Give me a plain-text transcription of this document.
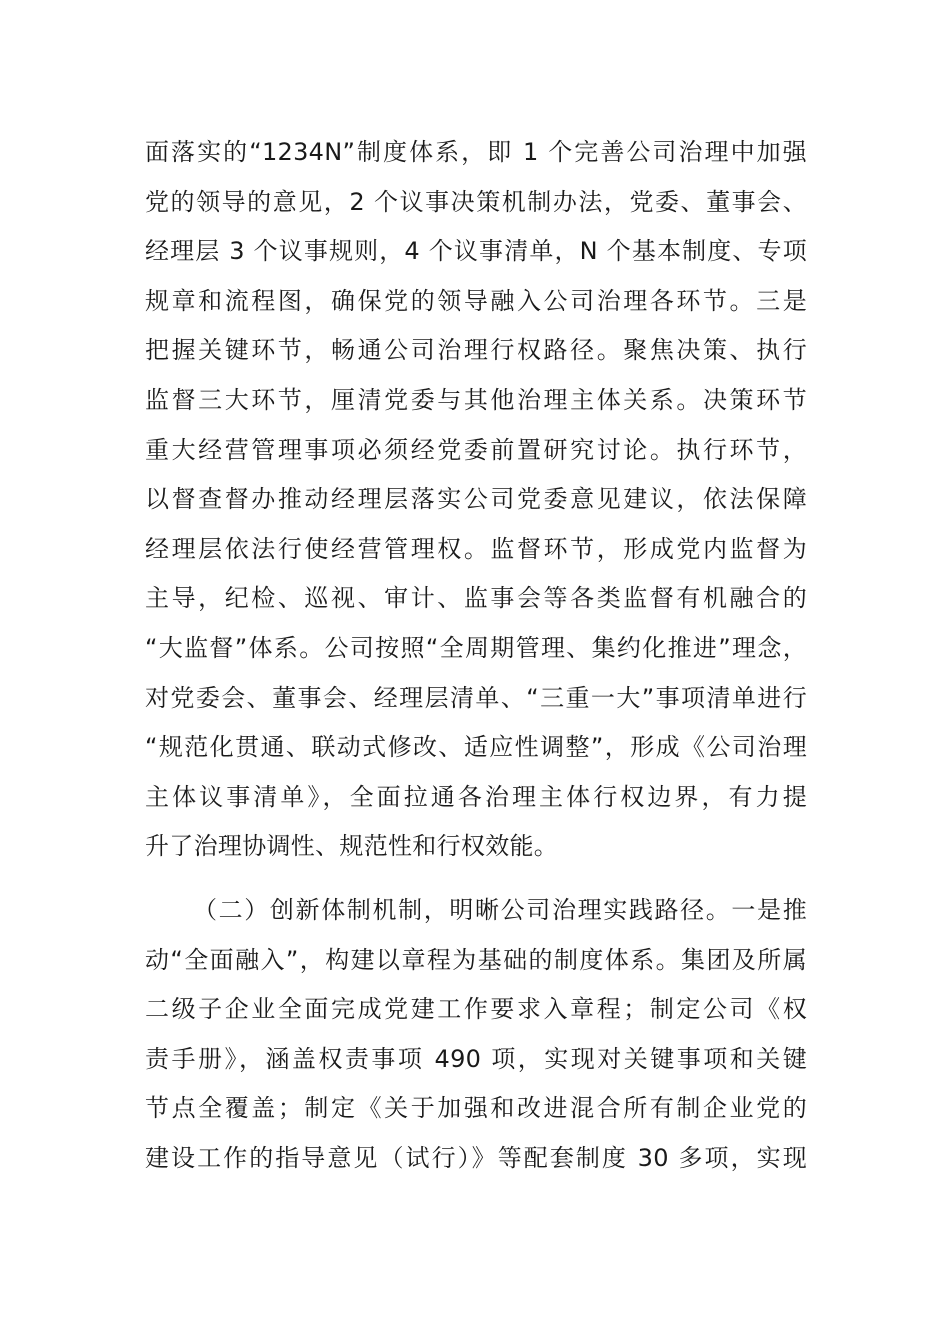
面落实的“1234N”制度体系，即 1 个完善公司治理中加强
党的领导的意见，2 个议事决策机制办法，党委、董事会、
经理层 3 个议事规则，4 个议事清单，N 个基本制度、专项
规章和流程图，确保党的领导融入公司治理各环节。三是
把握关键环节，畅通公司治理行权路径。聚焦决策、执行
监督三大环节，厘清党委与其他治理主体关系。决策环节
重大经营管理事项必须经党委前置研究讨论。执行环节，
以督查督办推动经理层落实公司党委意见建议，依法保障
经理层依法行使经营管理权。监督环节，形成党内监督为
主导，纪检、巡视、审计、监事会等各类监督有机融合的
“大监督”体系。公司按照“全周期管理、集约化推进”理念，
对党委会、董事会、经理层清单、“三重一大”事项清单进行
“规范化贯通、联动式修改、适应性调整”，形成《公司治理
主体议事清单》，全面拉通各治理主体行权边界，有力提
升了治理协调性、规范性和行权效能。
（二）创新体制机制，明晰公司治理实践路径。一是推
动“全面融入”，构建以章程为基础的制度体系。集团及所属
二级子企业全面完成党建工作要求入章程；制定公司《权
责手册》，涵盖权责事项 490 项，实现对关键事项和关键
节点全覆盖；制定《关于加强和改进混合所有制企业党的
建设工作的指导意见（试行）》等配套制度 30 多项，实现
